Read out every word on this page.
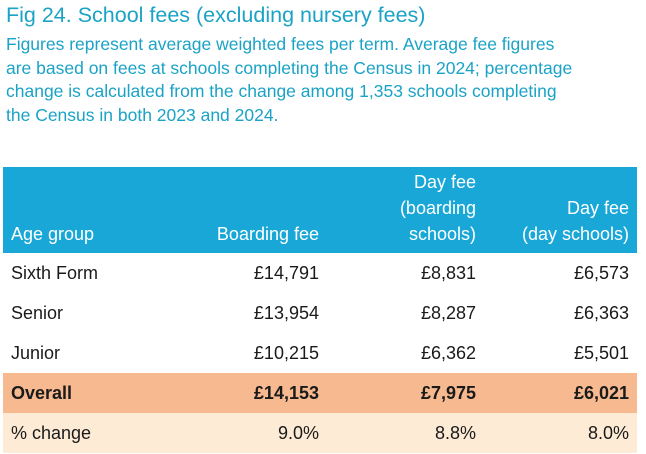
Fig 24. School fees (excluding nursery fees)
Figures represent average weighted fees per term. Average fee figures
are based on fees at schools completing the Census in 2024; percentage
change is calculated from the change among 1,353 schools completing
the Census in both 2023 and 2024.
Age group	Boarding fee	Day fee
(boarding
schools)	Day fee
(day schools)

Sixth Form	£14,791	£8,831	£6,573
Senior	£13,954	£8,287	£6,363
Junior	£10,215	£6,362	£5,501
Overall	£14,153	£7,975	£6,021
% change	9.0%	8.8%	8.0%
